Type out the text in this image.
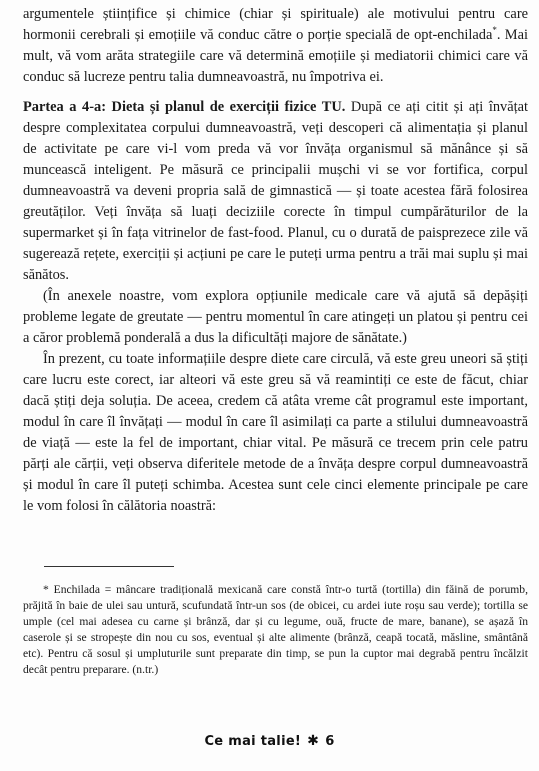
argumentele științifice și chimice (chiar și spirituale) ale motivului pentru care hormonii cerebrali și emoțiile vă conduc către o porție specială de opt-enchilada*. Mai mult, vă vom arăta strategiile care vă determină emoțiile și mediatorii chimici care vă conduc să lucreze pentru talia dumneavoastră, nu împotriva ei.

Partea a 4-a: Dieta și planul de exerciții fizice TU. După ce ați citit și ați învățat despre complexitatea corpului dumneavoastră, veți descoperi că alimentația și planul de activitate pe care vi-l vom preda vă vor învăța organismul să mănânce și să muncească inteligent. Pe măsură ce principalii mușchi vi se vor fortifica, corpul dumneavoastră va deveni propria sală de gimnastică — și toate acestea fără folosirea greutăților. Veți învăța să luați deciziile corecte în timpul cumpărăturilor de la supermarket și în fața vitrinelor de fast-food. Planul, cu o durată de paisprezece zile vă sugerează rețete, exerciții și acțiuni pe care le puteți urma pentru a trăi mai suplu și mai sănătos.

(În anexele noastre, vom explora opțiunile medicale care vă ajută să depășiți probleme legate de greutate — pentru momentul în care atingeți un platou și pentru cei a căror problemă ponderală a dus la dificultăți majore de sănătate.)

În prezent, cu toate informațiile despre diete care circulă, vă este greu uneori să știți care lucru este corect, iar alteori vă este greu să vă reamintiți ce este de făcut, chiar dacă știți deja soluția. De aceea, credem că atâta vreme cât programul este important, modul în care îl învățați — modul în care îl asimilați ca parte a stilului dumneavoastră de viață — este la fel de important, chiar vital. Pe măsură ce trecem prin cele patru părți ale cărții, veți observa diferitele metode de a învăța despre corpul dumneavoastră și modul în care îl puteți schimba. Acestea sunt cele cinci elemente principale pe care le vom folosi în călătoria noastră:

* Enchilada = mâncare tradițională mexicană care constă într-o turtă (tortilla) din făină de porumb, prăjită în baie de ulei sau untură, scufundată într-un sos (de obicei, cu ardei iute roșu sau verde); tortilla se umple (cel mai adesea cu carne și brânză, dar și cu legume, ouă, fructe de mare, banane), se așază în caserole și se stropește din nou cu sos, eventual și alte alimente (brânză, ceapă tocată, măsline, smântână etc). Pentru că sosul și umpluturile sunt preparate din timp, se pun la cuptor mai degrabă pentru încălzit decât pentru preparare. (n.tr.)

Ce mai talie! ✱ 6
